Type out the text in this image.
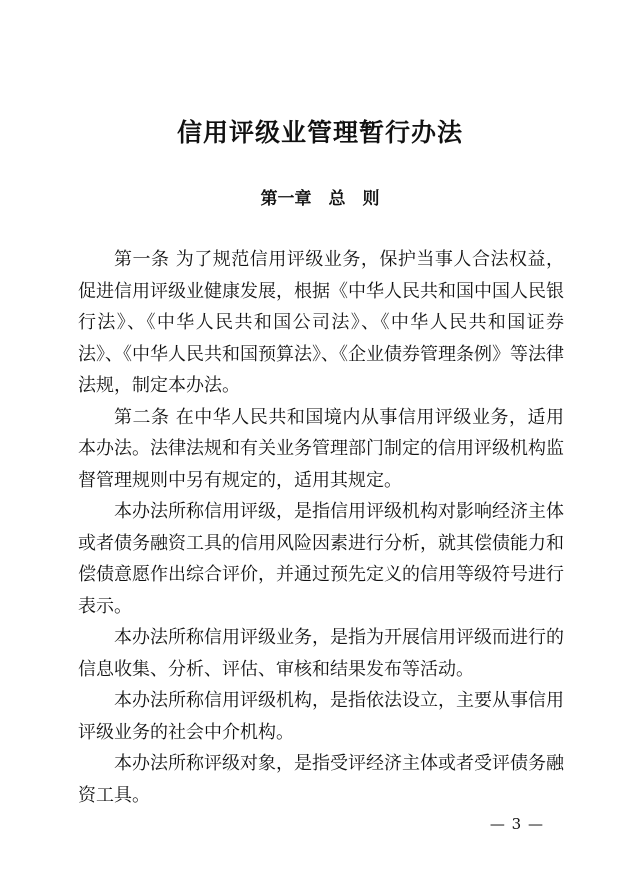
信用评级业管理暂行办法
第一章　总　则

第一条 为了规范信用评级业务，保护当事人合法权益，促进信用评级业健康发展，根据《中华人民共和国中国人民银行法》、《中华人民共和国公司法》、《中华人民共和国证券法》、《中华人民共和国预算法》、《企业债券管理条例》等法律法规，制定本办法。

第二条 在中华人民共和国境内从事信用评级业务，适用本办法。法律法规和有关业务管理部门制定的信用评级机构监督管理规则中另有规定的，适用其规定。

本办法所称信用评级，是指信用评级机构对影响经济主体或者债务融资工具的信用风险因素进行分析，就其偿债能力和偿债意愿作出综合评价，并通过预先定义的信用等级符号进行表示。

本办法所称信用评级业务，是指为开展信用评级而进行的信息收集、分析、评估、审核和结果发布等活动。

本办法所称信用评级机构，是指依法设立，主要从事信用评级业务的社会中介机构。

本办法所称评级对象，是指受评经济主体或者受评债务融资工具。

— 3 —
